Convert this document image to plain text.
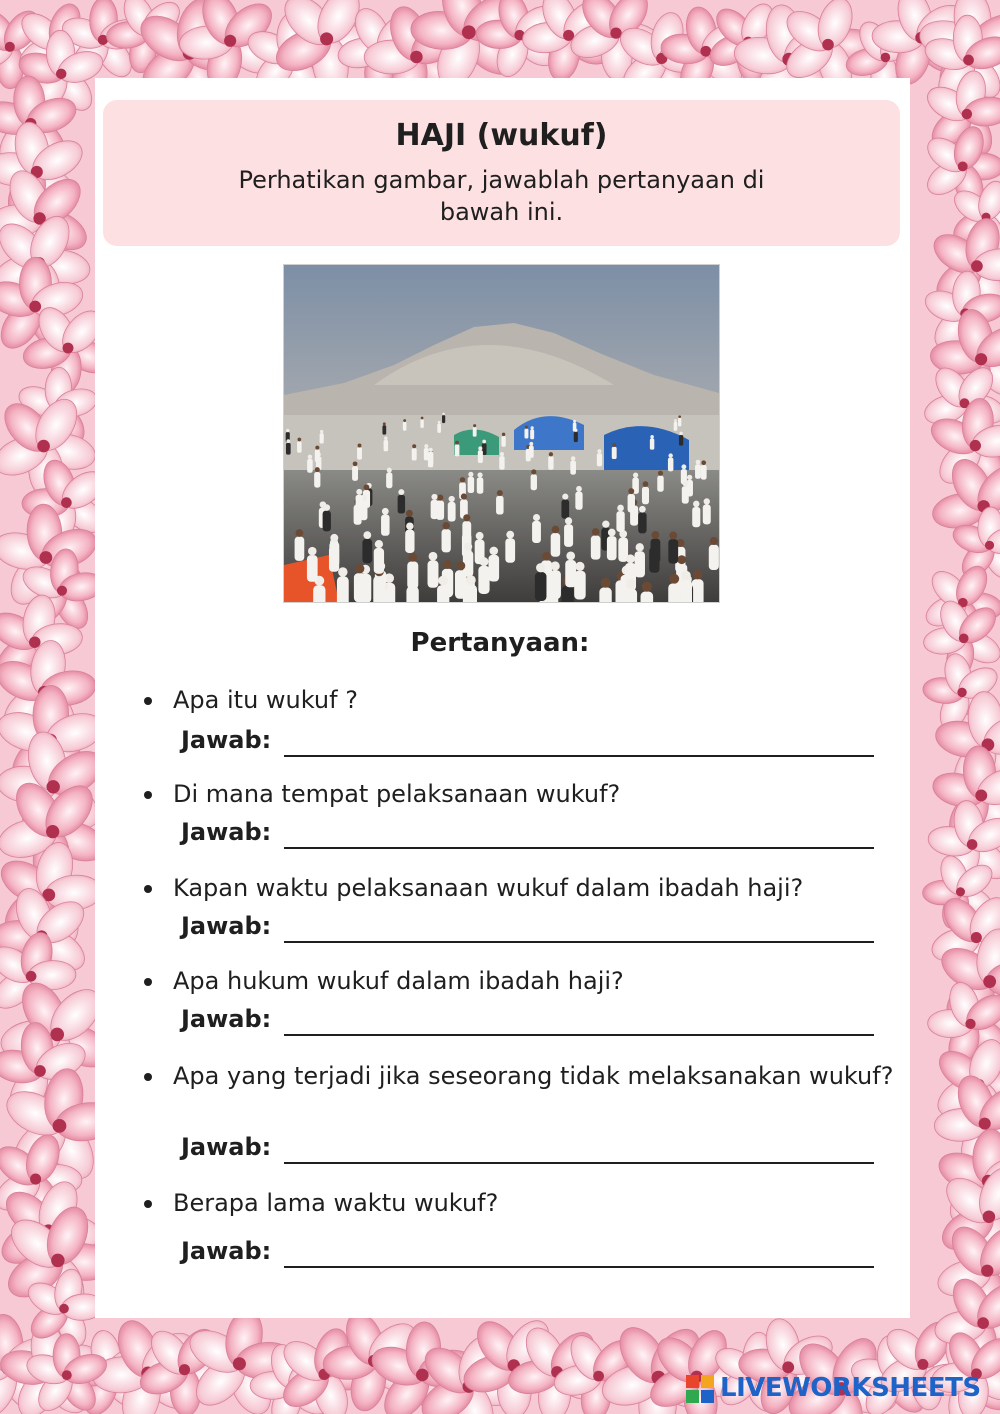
HAJI (wukuf)
Perhatikan gambar, jawablah pertanyaan di bawah ini.
Pertanyaan:
Apa itu wukuf ?
Jawab:
Di mana tempat pelaksanaan wukuf?
Jawab:
Kapan waktu pelaksanaan wukuf dalam ibadah haji?
Jawab:
Apa hukum wukuf dalam ibadah haji?
Jawab:
Apa yang terjadi jika seseorang tidak melaksanakan wukuf?
Jawab:
Berapa lama waktu wukuf?
Jawab:
LIVEWORKSHEETS
